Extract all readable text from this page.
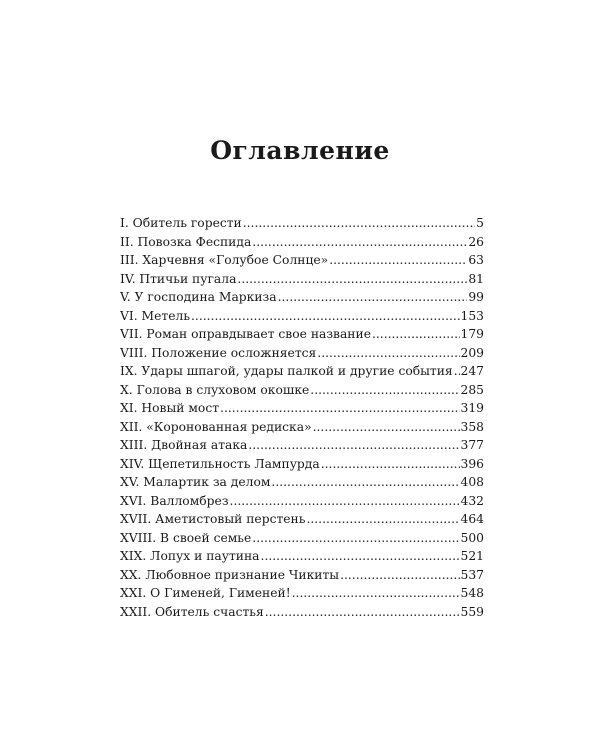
Оглавление
I. Обитель горести .....	5
II. Повозка Феспида .....	26
III. Харчевня «Голубое Солнце» .....	63
IV. Птичьи пугала .....	81
V. У господина Маркиза .....	99
VI. Метель .....	153
VII. Роман оправдывает свое название .....	179
VIII. Положение осложняется .....	209
IX. Удары шпагой, удары палкой и другие события ..... 247
X. Голова в слуховом окошке .....	285
XI. Новый мост .....	319
XII. «Коронованная редиска» .....	358
XIII. Двойная атака .....	377
XIV. Щепетильность Лампурда .....	396
XV. Малартик за делом .....	408
XVI. Валломбрез .....	432
XVII. Аметистовый перстень .....	464
XVIII. В своей семье .....	500
XIX. Лопух и паутина .....	521
XX. Любовное признание Чикиты .....	537
XXI. О Гименей, Гименей! .....	548
XXII. Обитель счастья .....	559
